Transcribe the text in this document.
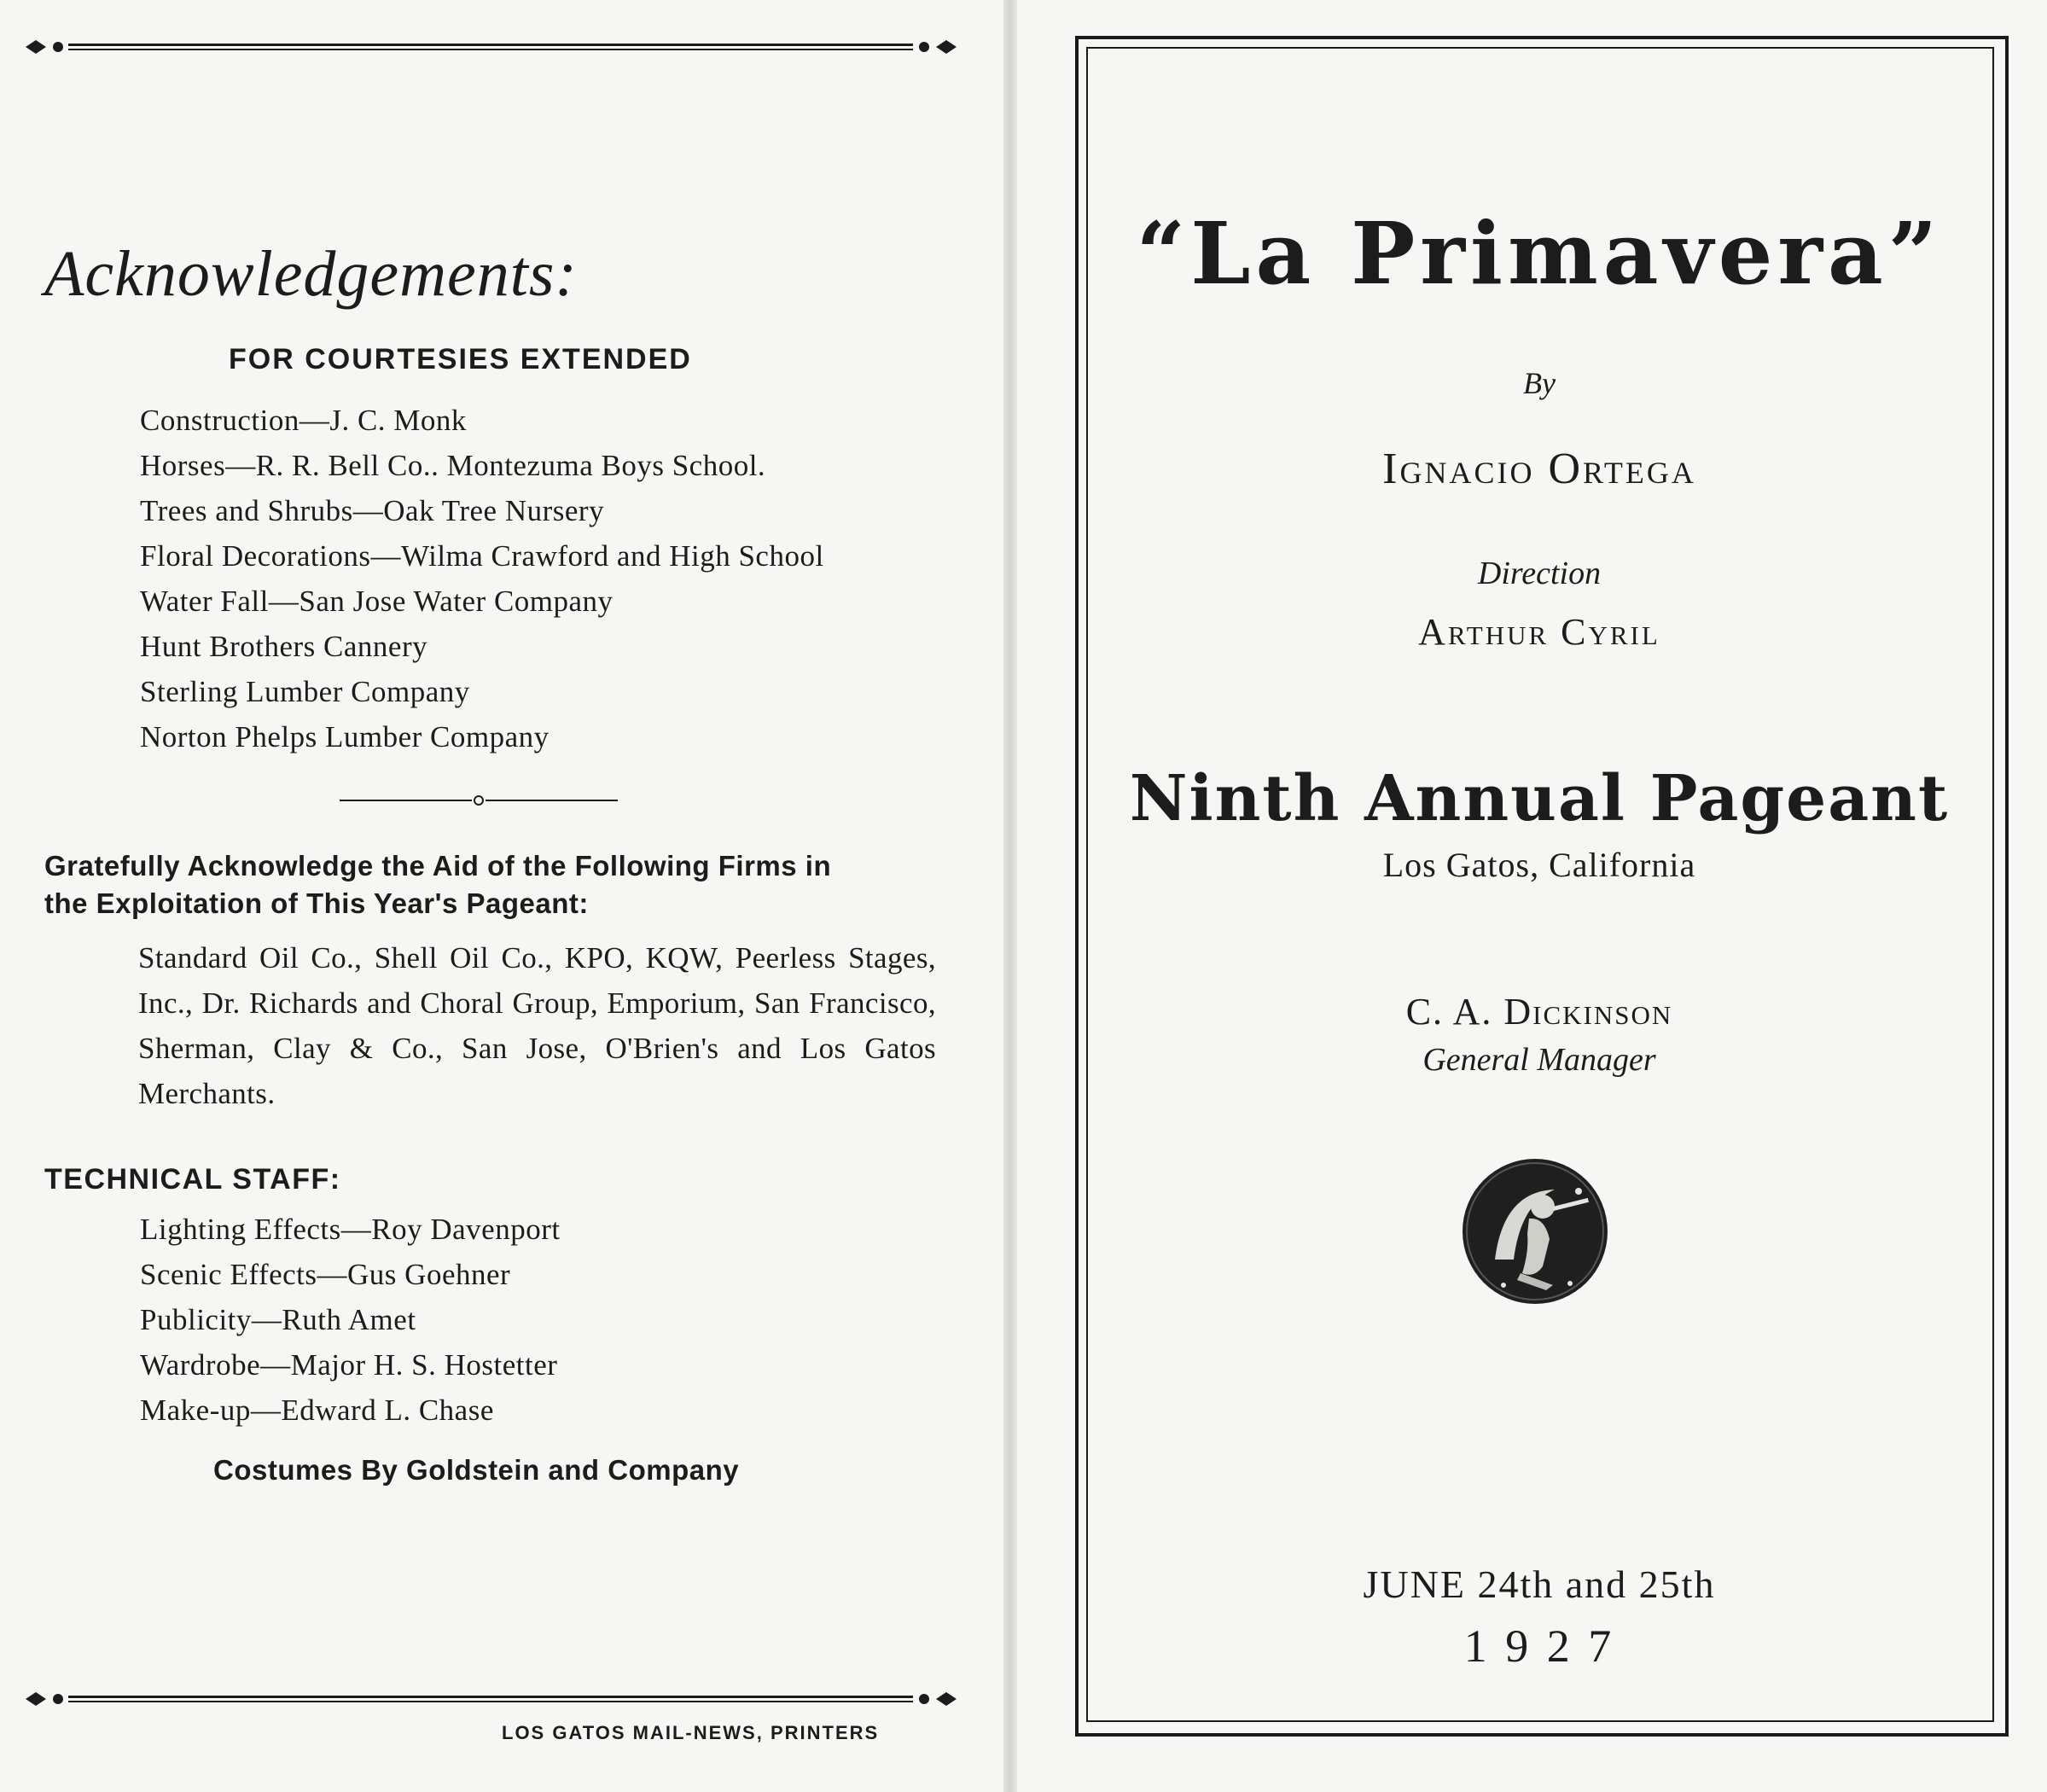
Acknowledgements:
FOR COURTESIES EXTENDED
Construction—J. C. Monk
Horses—R. R. Bell Co.. Montezuma Boys School.
Trees and Shrubs—Oak Tree Nursery
Floral Decorations—Wilma Crawford and High School
Water Fall—San Jose Water Company
Hunt Brothers Cannery
Sterling Lumber Company
Norton Phelps Lumber Company
Gratefully Acknowledge the Aid of the Following Firms in
the Exploitation of This Year's Pageant:

Standard Oil Co., Shell Oil Co., KPO, KQW, Peerless Stages, Inc., Dr. Richards and Choral Group, Emporium, San Francisco, Sherman, Clay & Co., San Jose, O'Brien's and Los Gatos Merchants.

TECHNICAL STAFF:
Lighting Effects—Roy Davenport
Scenic Effects—Gus Goehner
Publicity—Ruth Amet
Wardrobe—Major H. S. Hostetter
Make-up—Edward L. Chase
Costumes By Goldstein and Company
LOS GATOS MAIL-NEWS, PRINTERS
“La Primavera”
By
Ignacio Ortega
Direction
Arthur Cyril
Ninth Annual Pageant
Los Gatos, California
C. A. Dickinson
General Manager
JUNE 24th and 25th
1 9 2 7
